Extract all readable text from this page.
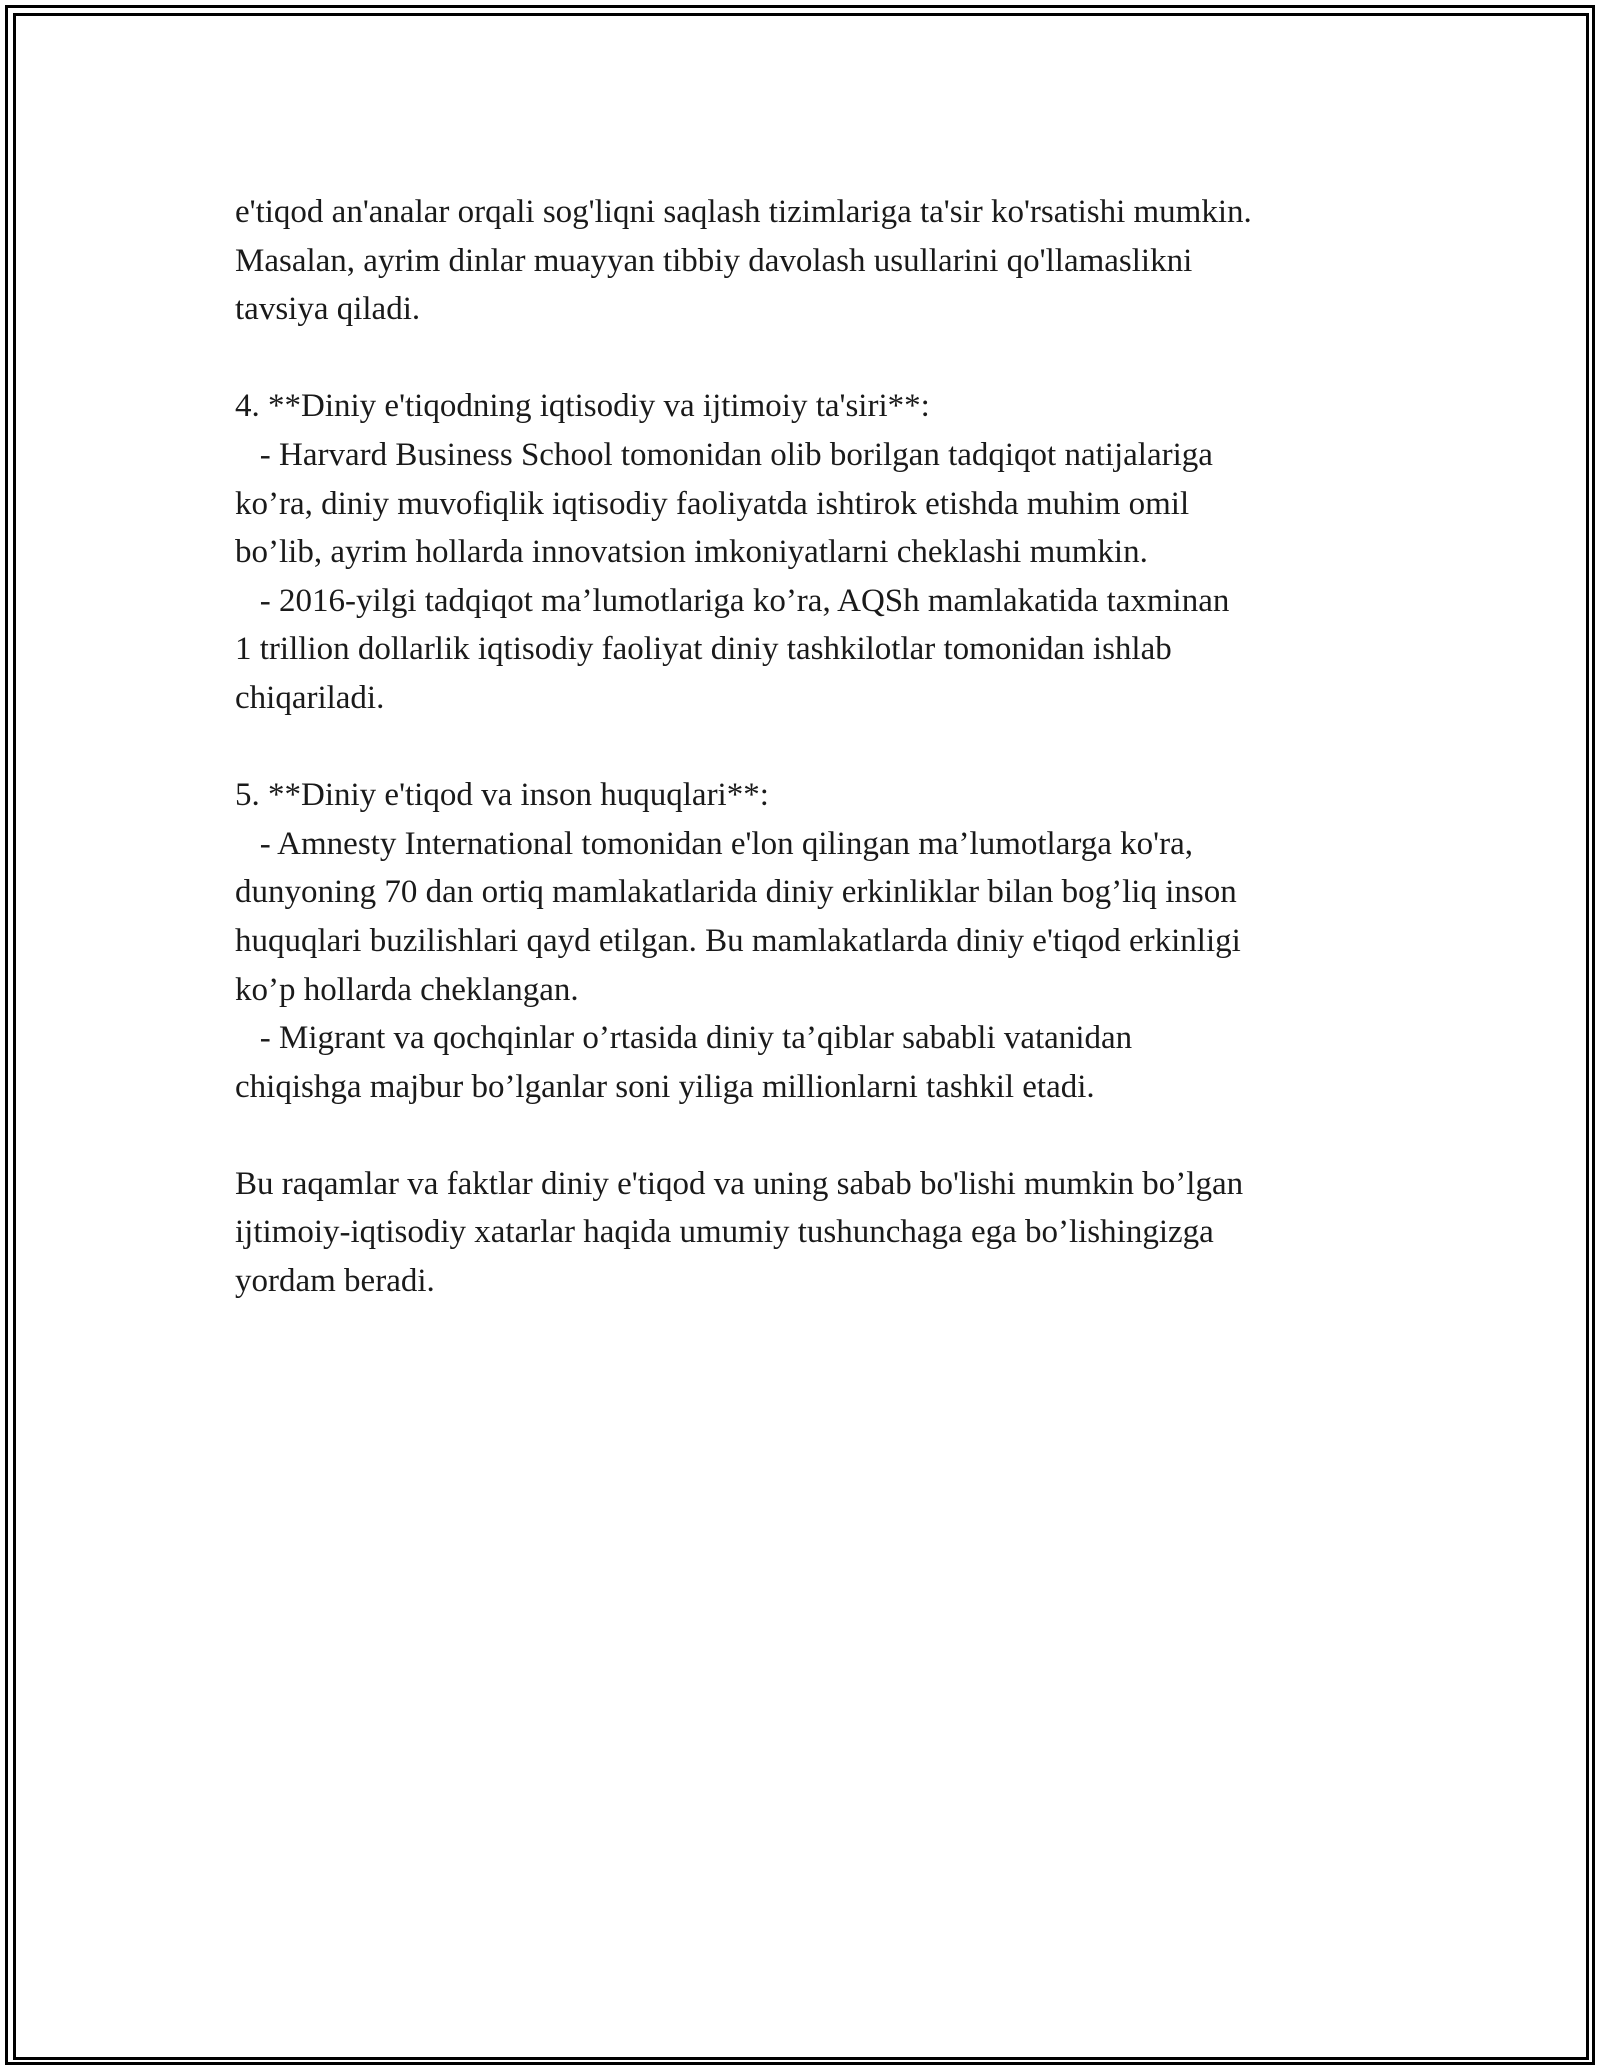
e'tiqod an'analar orqali sog'liqni saqlash tizimlariga ta'sir ko'rsatishi mumkin.
Masalan, ayrim dinlar muayyan tibbiy davolash usullarini qo'llamaslikni
tavsiya qiladi.
4. **Diniy e'tiqodning iqtisodiy va ijtimoiy ta'siri**:
- Harvard Business School tomonidan olib borilgan tadqiqot natijalariga
ko’ra, diniy muvofiqlik iqtisodiy faoliyatda ishtirok etishda muhim omil
bo’lib, ayrim hollarda innovatsion imkoniyatlarni cheklashi mumkin.
- 2016-yilgi tadqiqot ma’lumotlariga ko’ra, AQSh mamlakatida taxminan
1 trillion dollarlik iqtisodiy faoliyat diniy tashkilotlar tomonidan ishlab
chiqariladi.
5. **Diniy e'tiqod va inson huquqlari**:
- Amnesty International tomonidan e'lon qilingan ma’lumotlarga ko'ra,
dunyoning 70 dan ortiq mamlakatlarida diniy erkinliklar bilan bog’liq inson
huquqlari buzilishlari qayd etilgan. Bu mamlakatlarda diniy e'tiqod erkinligi
ko’p hollarda cheklangan.
- Migrant va qochqinlar o’rtasida diniy ta’qiblar sababli vatanidan
chiqishga majbur bo’lganlar soni yiliga millionlarni tashkil etadi.
Bu raqamlar va faktlar diniy e'tiqod va uning sabab bo'lishi mumkin bo’lgan
ijtimoiy-iqtisodiy xatarlar haqida umumiy tushunchaga ega bo’lishingizga
yordam beradi.
